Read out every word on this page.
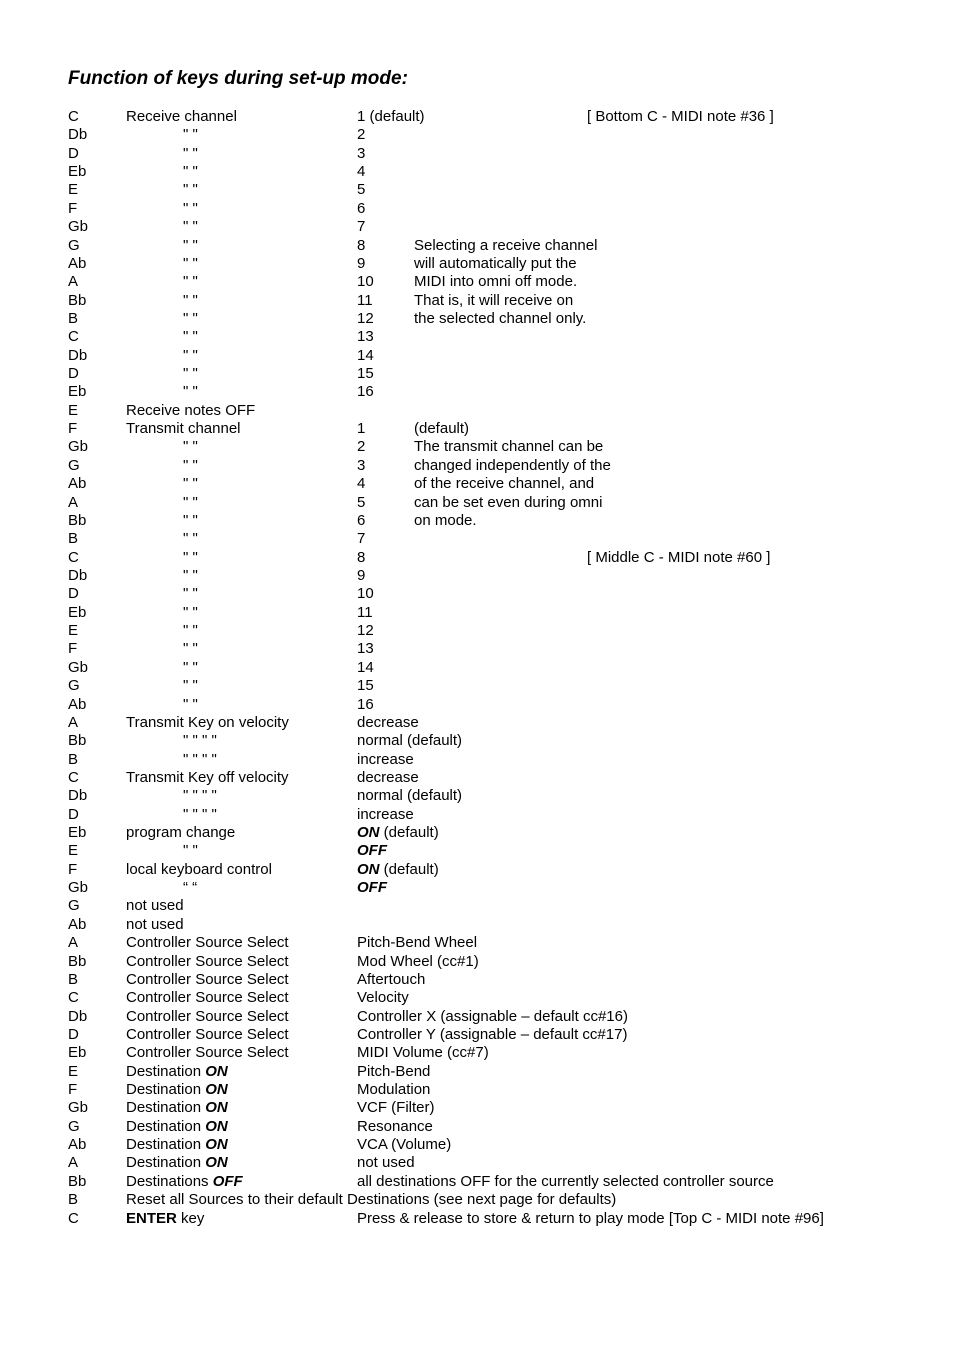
Function of keys during set-up mode:
C	Receive channel	1 (default)	[ Bottom C - MIDI note #36 ]
Db	" "	2
D	" "	3
Eb	" "	4
E	" "	5
F	" "	6
Gb	" "	7
G	" "	8	Selecting a receive channel
Ab	" "	9	will automatically put the
A	" "	10	MIDI into omni off mode.
Bb	" "	11	That is, it will receive on
B	" "	12	the selected channel only.
C	" "	13
Db	" "	14
D	" "	15
Eb	" "	16
E	Receive notes OFF
F	Transmit channel	1	(default)
Gb	" "	2	The transmit channel can be
G	" "	3	changed independently of the
Ab	" "	4	of the receive channel, and
A	" "	5	can be set even during omni
Bb	" "	6	on mode.
B	" "	7
C	" "	8	[ Middle C - MIDI note #60 ]
Db	" "	9
D	" "	10
Eb	" "	11
E	" "	12
F	" "	13
Gb	" "	14
G	" "	15
Ab	" "	16
A	Transmit Key on velocity	decrease
Bb	" " " "	normal (default)
B	" " " "	increase
C	Transmit Key off velocity	decrease
Db	" " " "	normal (default)
D	" " " "	increase
Eb	program change	ON (default)
E	" "	OFF
F	local keyboard control	ON (default)
Gb	“ “	OFF
G	not used
Ab	not used
A	Controller Source Select	Pitch-Bend Wheel
Bb	Controller Source Select	Mod Wheel (cc#1)
B	Controller Source Select	Aftertouch
C	Controller Source Select	Velocity
Db	Controller Source Select	Controller X (assignable – default cc#16)
D	Controller Source Select	Controller Y (assignable – default cc#17)
Eb	Controller Source Select	MIDI Volume (cc#7)
E	Destination ON	Pitch-Bend
F	Destination ON	Modulation
Gb	Destination ON	VCF (Filter)
G	Destination ON	Resonance
Ab	Destination ON	VCA (Volume)
A	Destination ON	not used
Bb	Destinations OFF	all destinations OFF for the currently selected controller source
B	Reset all Sources to their default Destinations (see next page for defaults)
C	ENTER key	Press & release to store & return to play mode [Top C - MIDI note #96]
